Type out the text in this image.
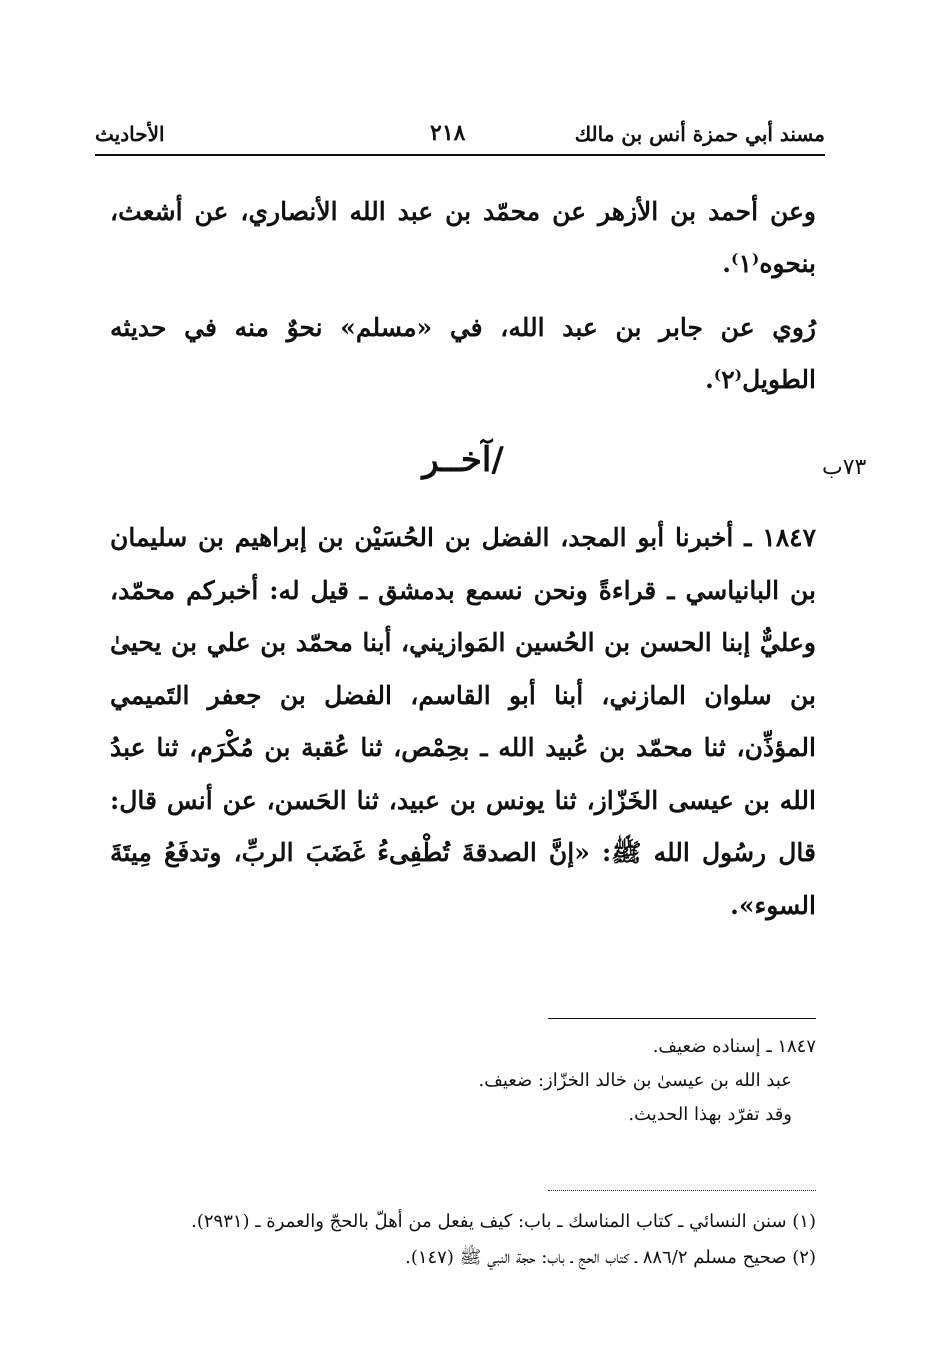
مسند أبي حمزة أنس بن مالك
٢١٨
الأحاديث

وعن أحمد بن الأزهر عن محمّد بن عبد الله الأنصاري، عن أشعث، بنحوه⁽١⁾.

رُوي عن جابر بن عبد الله، في «مسلم» نحوٌ منه في حديثه الطويل⁽٢⁾.

/آخــر	٧٣ب

١٨٤٧ ـ أخبرنا أبو المجد، الفضل بن الحُسَيْن بن إبراهيم بن سليمان بن البانياسي ـ قراءةً ونحن نسمع بدمشق ـ قيل له: أخبركم محمّد، وعليٌّ إبنا الحسن بن الحُسين المَوازيني، أبنا محمّد بن علي بن يحيىٰ بن سلوان المازني، أبنا أبو القاسم، الفضل بن جعفر التَميمي المؤذِّن، ثنا محمّد بن عُبيد الله ـ بحِمْص، ثنا عُقبة بن مُكْرَم، ثنا عبدُ الله بن عيسى الخَزّاز، ثنا يونس بن عبيد، ثنا الحَسن، عن أنس قال: قال رسُول الله ﷺ: «إنَّ الصدقةَ تُطْفِىءُ غَضَبَ الربِّ، وتدفَعُ مِيتَةَ السوء».

١٨٤٧ ـ إسناده ضعيف.
عبد الله بن عيسىٰ بن خالد الخزّاز: ضعيف.
وقد تفرّد بهذا الحديث.
(١) سنن النسائي ـ كتاب المناسك ـ باب: كيف يفعل من أهلّ بالحجّ والعمرة ـ (٢٩٣١).
(٢) صحيح مسلم ٨٨٦/٢ ـ كتاب الحج ـ باب: حجة النبي ﷺ (١٤٧).
